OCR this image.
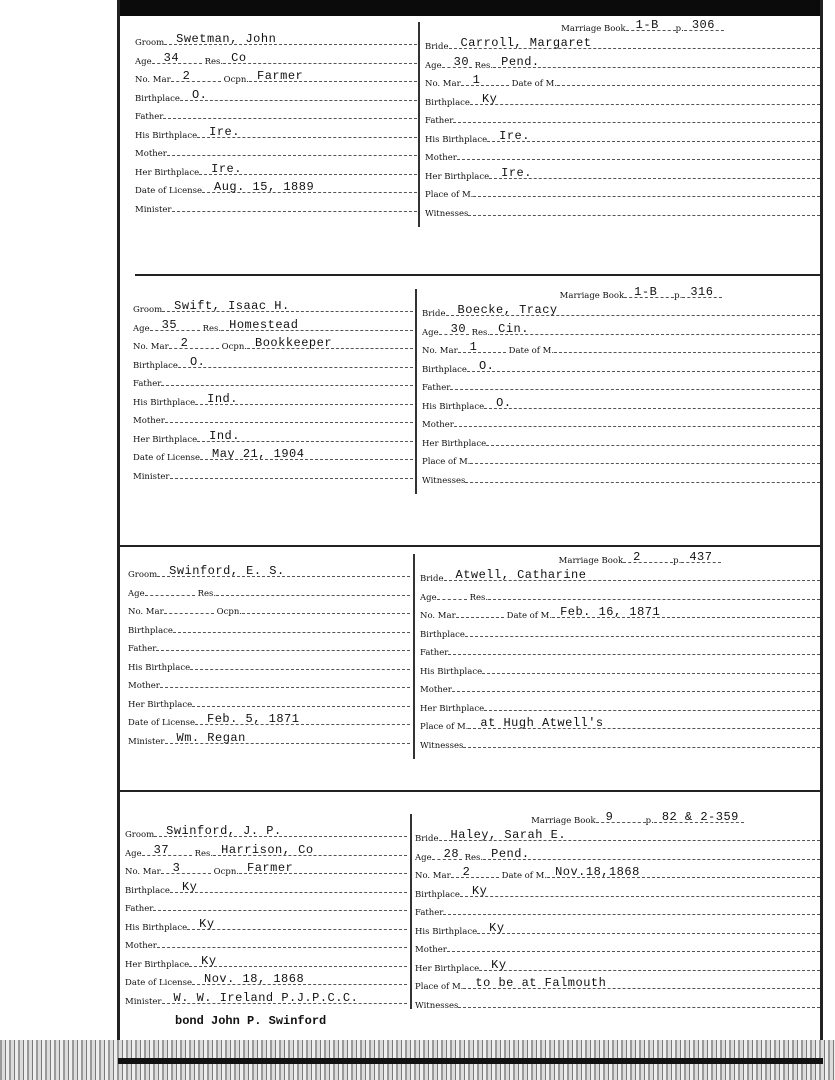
Groom Swetman, John
Age 34	Res. Co
No. Mar 2	Ocpn. Farmer
Birthplace O.
Father
His Birthplace Ire.
Mother
Her Birthplace Ire.
Date of License Aug. 15, 1889
Minister
Marriage Book 1-B p. 306
Bride Carroll, Margaret
Age 30 Res. Pend.
No. Mar 1	Date of M.
Birthplace Ky
Father
His Birthplace Ire.
Mother
Her Birthplace Ire.
Place of M.
Witnesses
Groom Swift, Isaac H.
Age 35	Res. Homestead
No. Mar 2	Ocpn. Bookkeeper
Birthplace O.
Father
His Birthplace Ind.
Mother
Her Birthplace Ind.
Date of License May 21, 1904
Minister
Marriage Book 1-B p. 316
Bride Boecke, Tracy
Age 30 Res. Cin.
No. Mar 1	Date of M.
Birthplace O.
Father
His Birthplace O.
Mother
Her Birthplace
Place of M.
Witnesses
Groom Swinford, E. S.
Age	Res.
No. Mar	Ocpn.
Birthplace
Father
His Birthplace
Mother
Her Birthplace
Date of License Feb. 5, 1871
Minister Wm. Regan
Marriage Book 2	p. 437
Bride Atwell, Catharine
Age	Res.
No. Mar	Date of M. Feb. 16, 1871
Birthplace
Father
His Birthplace
Mother
Her Birthplace
Place of M. at Hugh Atwell's
Witnesses
Groom Swinford, J. P.
Age 37	Res. Harrison, Co
No. Mar 3	Ocpn. Farmer
Birthplace Ky
Father
His Birthplace Ky
Mother
Her Birthplace Ky
Date of License Nov. 18, 1868
Minister W. W. Ireland P.J.P.C.C.
Marriage Book 9	p. 82 & 2-359
Bride Haley, Sarah E.
Age 28 Res. Pend.
No. Mar 2	Date of M. Nov.18,1868
Birthplace Ky
Father
His Birthplace Ky
Mother
Her Birthplace Ky
Place of M. to be at Falmouth
Witnesses
bond John P. Swinford
